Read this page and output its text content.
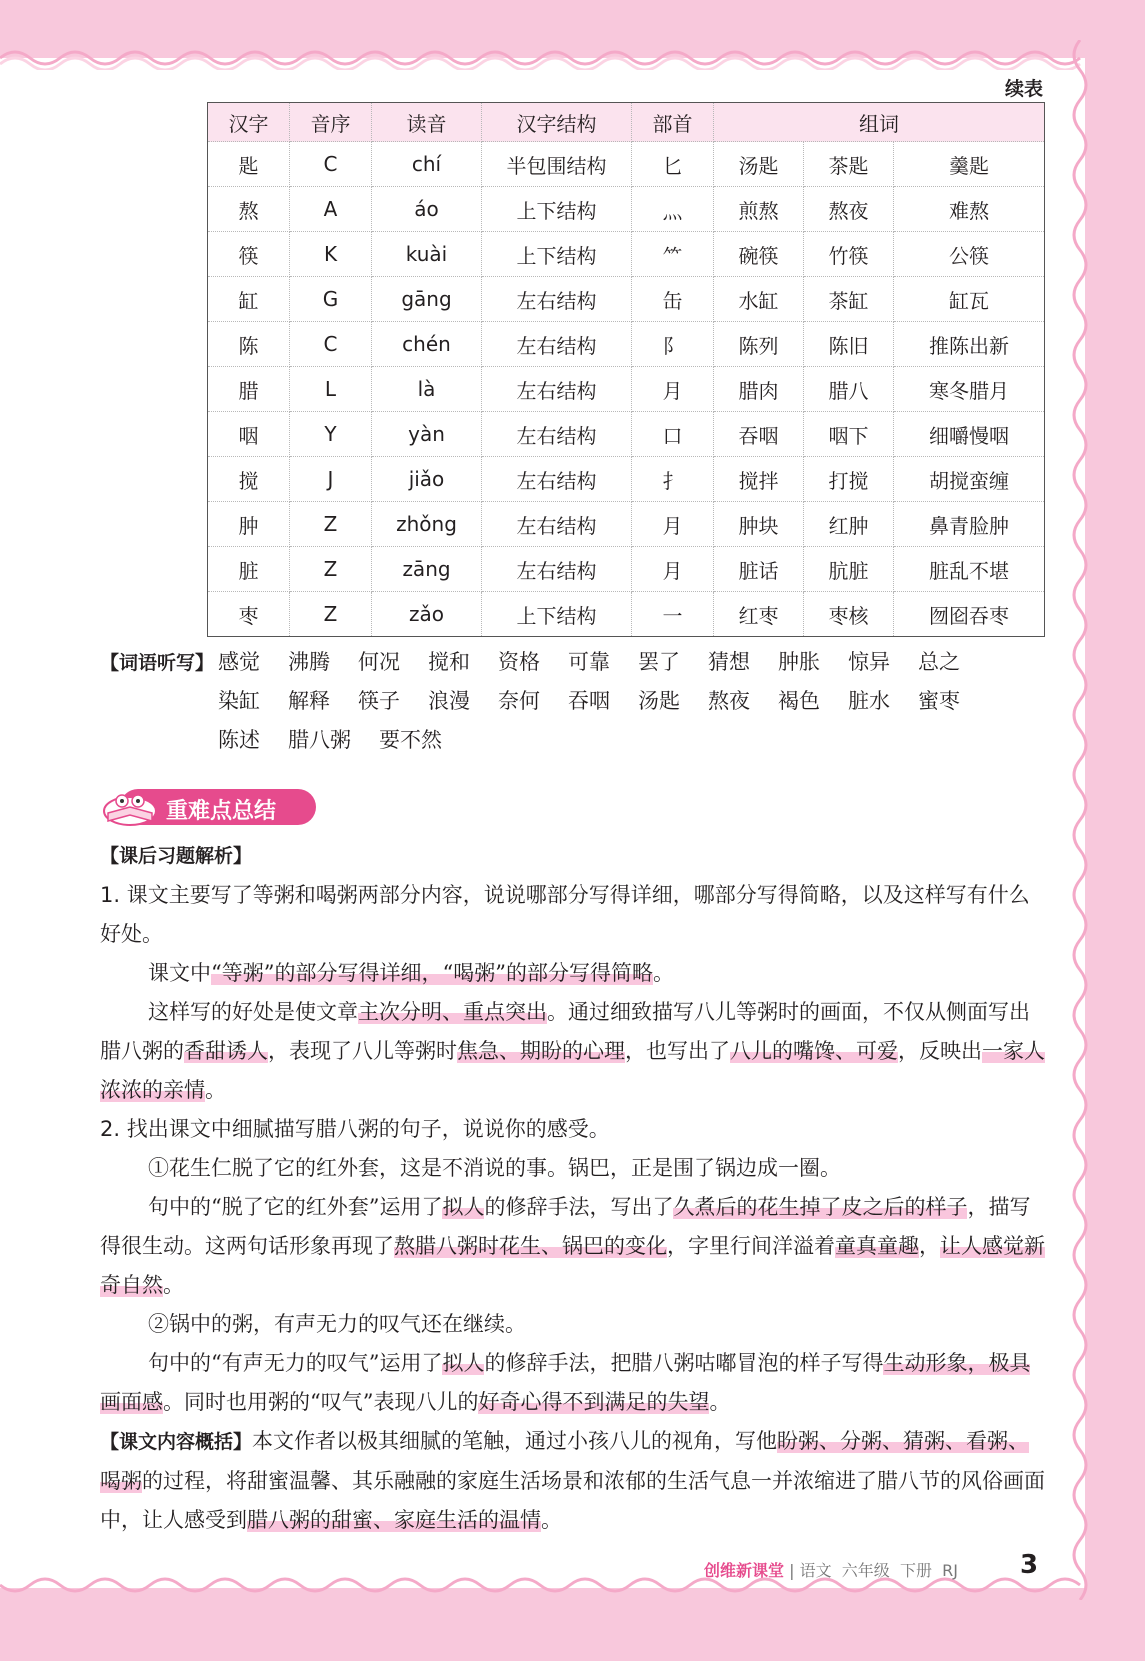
续表
汉字	音序	读音	汉字结构	部首	组词		
匙	C	chí	半包围结构	匕	汤匙	茶匙	羹匙
熬	A	áo	上下结构	灬	煎熬	熬夜	难熬
筷	K	kuài	上下结构	⺮	碗筷	竹筷	公筷
缸	G	gāng	左右结构	缶	水缸	茶缸	缸瓦
陈	C	chén	左右结构	阝	陈列	陈旧	推陈出新
腊	L	là	左右结构	月	腊肉	腊八	寒冬腊月
咽	Y	yàn	左右结构	口	吞咽	咽下	细嚼慢咽
搅	J	jiǎo	左右结构	扌	搅拌	打搅	胡搅蛮缠
肿	Z	zhǒng	左右结构	月	肿块	红肿	鼻青脸肿
脏	Z	zāng	左右结构	月	脏话	肮脏	脏乱不堪
枣	Z	zǎo	上下结构	一	红枣	枣核	囫囵吞枣
【词语听写】 感觉 沸腾 何况 搅和 资格 可靠 罢了 猜想 肿胀 惊异 总之
染缸 解释 筷子 浪漫 奈何 吞咽 汤匙 熬夜 褐色 脏水 蜜枣
陈述 腊八粥 要不然
重难点总结

【课后习题解析】

1. 课文主要写了等粥和喝粥两部分内容，说说哪部分写得详细，哪部分写得简略，以及这样写有什么好处。

课文中“等粥”的部分写得详细，“喝粥”的部分写得简略。

这样写的好处是使文章主次分明、重点突出。通过细致描写八儿等粥时的画面，不仅从侧面写出腊八粥的香甜诱人，表现了八儿等粥时焦急、期盼的心理，也写出了八儿的嘴馋、可爱，反映出一家人浓浓的亲情。

2. 找出课文中细腻描写腊八粥的句子，说说你的感受。

①花生仁脱了它的红外套，这是不消说的事。锅巴，正是围了锅边成一圈。

句中的“脱了它的红外套”运用了拟人的修辞手法，写出了久煮后的花生掉了皮之后的样子，描写得很生动。这两句话形象再现了熬腊八粥时花生、锅巴的变化，字里行间洋溢着童真童趣，让人感觉新奇自然。

②锅中的粥，有声无力的叹气还在继续。

句中的“有声无力的叹气”运用了拟人的修辞手法，把腊八粥咕嘟冒泡的样子写得生动形象，极具画面感。同时也用粥的“叹气”表现八儿的好奇心得不到满足的失望。

【课文内容概括】本文作者以极其细腻的笔触，通过小孩八儿的视角，写他盼粥、分粥、猜粥、看粥、喝粥的过程，将甜蜜温馨、其乐融融的家庭生活场景和浓郁的生活气息一并浓缩进了腊八节的风俗画面中，让人感受到腊八粥的甜蜜、家庭生活的温情。

创维新课堂 | 语文 六年级 下册 RJ 3
